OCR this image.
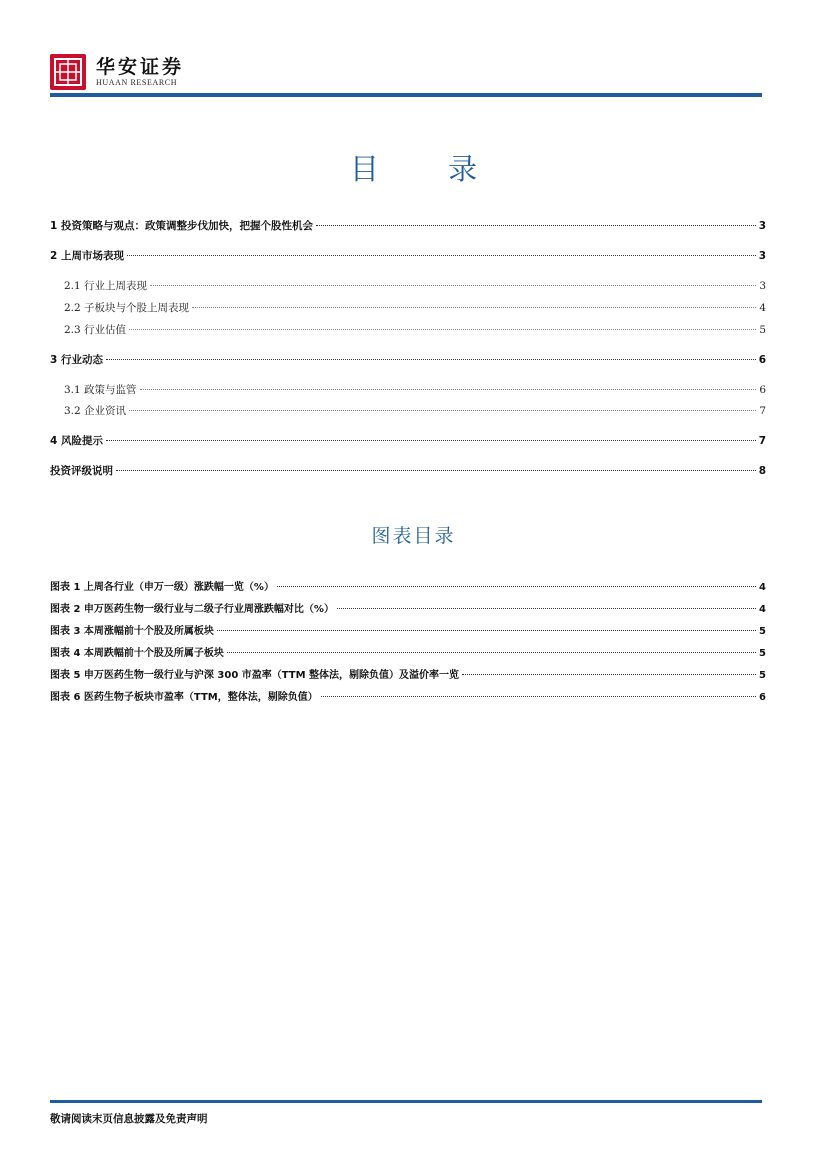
华安证券
HUAAN RESEARCH
目 录
1 投资策略与观点：政策调整步伐加快，把握个股性机会	3
2 上周市场表现	3
2.1 行业上周表现	3
2.2 子板块与个股上周表现	4
2.3 行业估值	5
3 行业动态	6
3.1 政策与监管	6
3.2 企业资讯	7
4 风险提示	7
投资评级说明	8
图表目录
图表 1 上周各行业（申万一级）涨跌幅一览（%）	4
图表 2 申万医药生物一级行业与二级子行业周涨跌幅对比（%）	4
图表 3 本周涨幅前十个股及所属板块	5
图表 4 本周跌幅前十个股及所属子板块	5
图表 5 申万医药生物一级行业与沪深 300 市盈率（TTM 整体法，剔除负值）及溢价率一览	5
图表 6 医药生物子板块市盈率（TTM，整体法，剔除负值）	6
敬请阅读末页信息披露及免责声明
